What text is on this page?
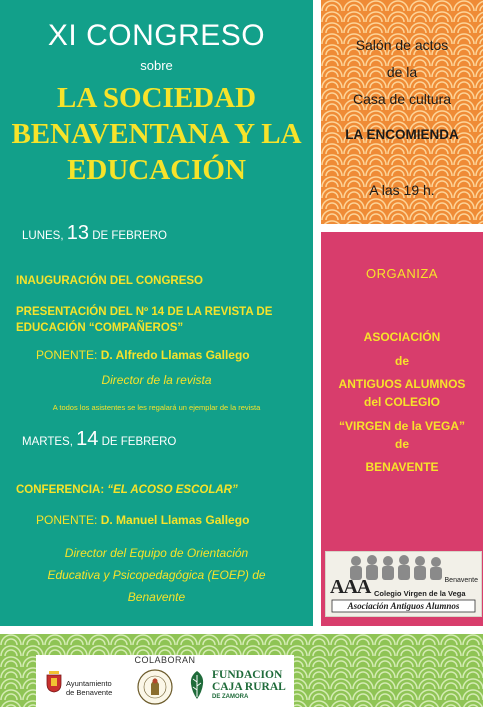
XI CONGRESO
sobre
LA SOCIEDAD
BENAVENTANA Y LA
EDUCACIÓN
LUNES, 13 DE FEBRERO
INAUGURACIÓN DEL CONGRESO
PRESENTACIÓN DEL Nº 14 DE LA REVISTA DE
EDUCACIÓN “COMPAÑEROS”
PONENTE: D. Alfredo Llamas Gallego
Director de la revista
A todos los asistentes se les regalará un ejemplar de la revista
MARTES, 14 DE FEBRERO
CONFERENCIA: “EL ACOSO ESCOLAR”
PONENTE: D. Manuel Llamas Gallego
Director del Equipo de Orientación
Educativa y Psicopedagógica (EOEP) de
Benavente
Salón de actos
de la
Casa de cultura
LA ENCOMIENDA
A las 19 h.
ORGANIZA
ASOCIACIÓN
de
ANTIGUOS ALUMNOS
del COLEGIO
“VIRGEN de la VEGA”
de
BENAVENTE
AAA	Benavente
Colegio Virgen de la Vega
Asociación Antiguos Alumnos
COLABORAN
Ayuntamiento
de Benavente
FUNDACION
CAJA RURAL
DE ZAMORA
